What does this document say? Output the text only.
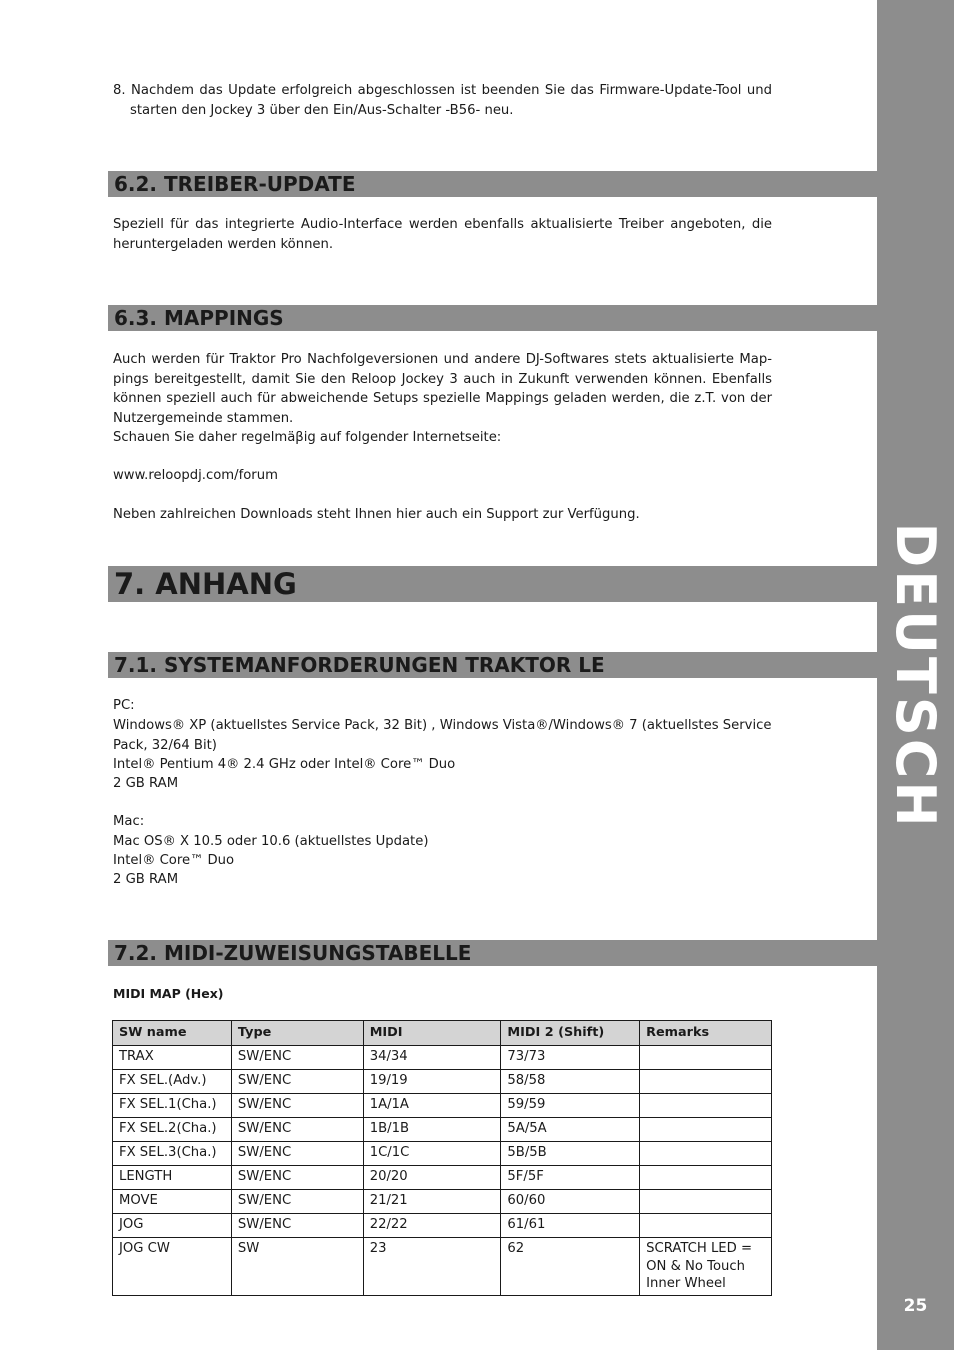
DEUTSCH
25

8. Nachdem das Update erfolgreich abgeschlossen ist beenden Sie das Firmware-Update-Tool und starten den Jockey 3 über den Ein/Aus-Schalter -B56- neu.

6.2. TREIBER-UPDATE

Speziell für das integrierte Audio-Interface werden ebenfalls aktualisierte Treiber angeboten, die heruntergeladen werden können.

6.3. MAPPINGS

Auch werden für Traktor Pro Nachfolgeversionen und andere DJ-Softwares stets aktualisierte Map-pings bereitgestellt, damit Sie den Reloop Jockey 3 auch in Zukunft verwenden können. Ebenfalls können speziell auch für abweichende Setups spezielle Mappings geladen werden, die z.T. von der Nutzergemeinde stammen.

Schauen Sie daher regelmäβig auf folgender Internetseite:

www.reloopdj.com/forum

Neben zahlreichen Downloads steht Ihnen hier auch ein Support zur Verfügung.

7. ANHANG
7.1. SYSTEMANFORDERUNGEN TRAKTOR LE

PC:

Windows® XP (aktuellstes Service Pack, 32 Bit) , Windows Vista®/Windows® 7 (aktuellstes Service Pack, 32/64 Bit)

Intel® Pentium 4® 2.4 GHz oder Intel® Core™ Duo

2 GB RAM

Mac:

Mac OS® X 10.5 oder 10.6 (aktuellstes Update)

Intel® Core™ Duo

2 GB RAM

7.2. MIDI-ZUWEISUNGSTABELLE
MIDI MAP (Hex)
SW name	Type	MIDI	MIDI 2 (Shift)	Remarks
TRAX	SW/ENC	34/34	73/73	
FX SEL.(Adv.)	SW/ENC	19/19	58/58	
FX SEL.1(Cha.)	SW/ENC	1A/1A	59/59	
FX SEL.2(Cha.)	SW/ENC	1B/1B	5A/5A	
FX SEL.3(Cha.)	SW/ENC	1C/1C	5B/5B	
LENGTH	SW/ENC	20/20	5F/5F	
MOVE	SW/ENC	21/21	60/60	
JOG	SW/ENC	22/22	61/61	
JOG CW	SW	23	62	SCRATCH LED = ON & No Touch Inner Wheel
